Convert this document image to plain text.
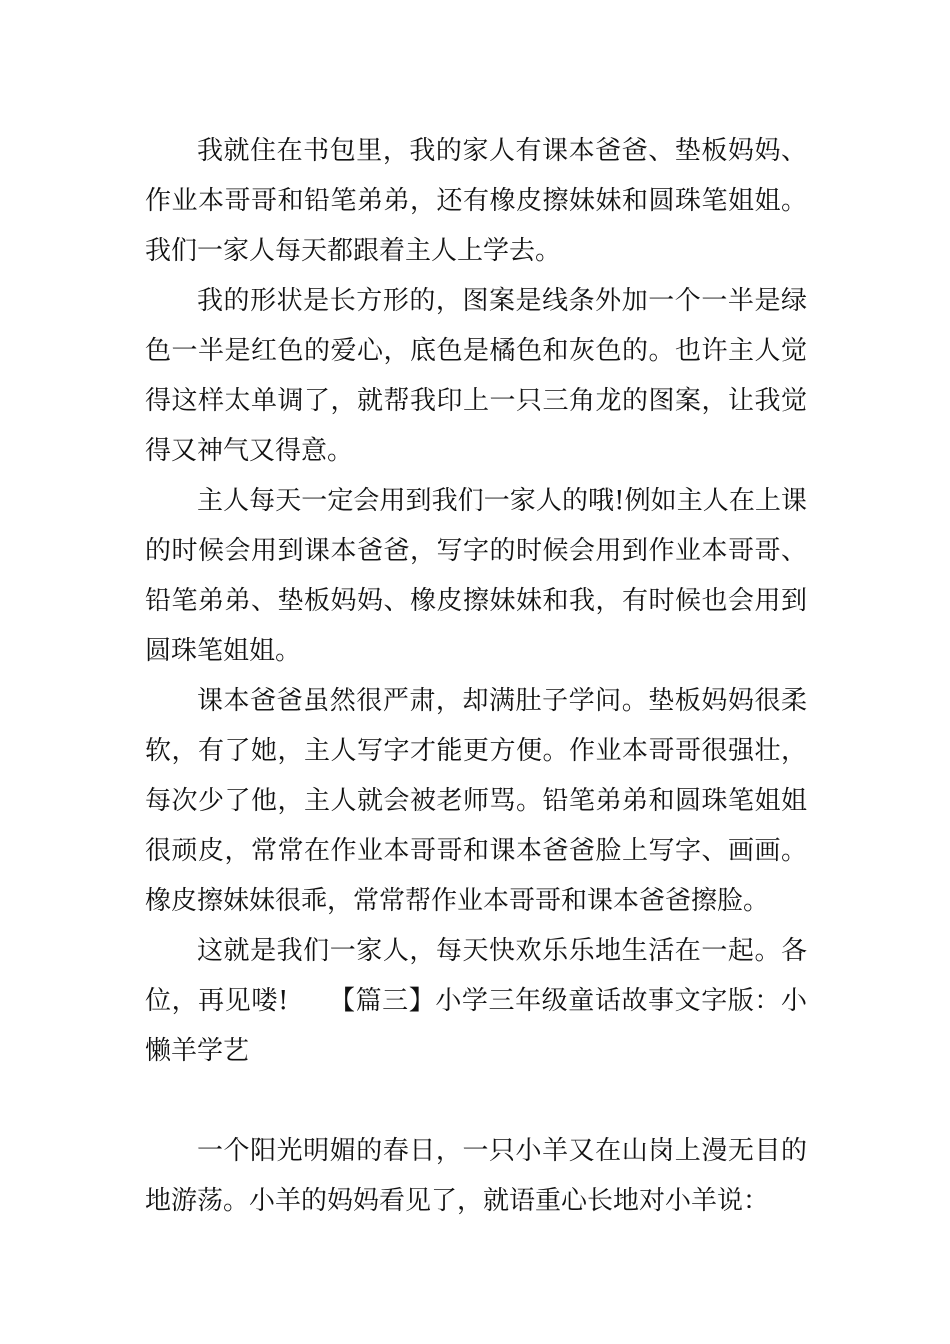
我就住在书包里，我的家人有课本爸爸、垫板妈妈、作业本哥哥和铅笔弟弟，还有橡皮擦妹妹和圆珠笔姐姐。我们一家人每天都跟着主人上学去。

我的形状是长方形的，图案是线条外加一个一半是绿色一半是红色的爱心，底色是橘色和灰色的。也许主人觉得这样太单调了，就帮我印上一只三角龙的图案，让我觉得又神气又得意。

主人每天一定会用到我们一家人的哦!例如主人在上课的时候会用到课本爸爸，写字的时候会用到作业本哥哥、铅笔弟弟、垫板妈妈、橡皮擦妹妹和我，有时候也会用到圆珠笔姐姐。

课本爸爸虽然很严肃，却满肚子学问。垫板妈妈很柔软，有了她，主人写字才能更方便。作业本哥哥很强壮，每次少了他，主人就会被老师骂。铅笔弟弟和圆珠笔姐姐很顽皮，常常在作业本哥哥和课本爸爸脸上写字、画画。橡皮擦妹妹很乖，常常帮作业本哥哥和课本爸爸擦脸。

这就是我们一家人，每天快欢乐乐地生活在一起。各位，再见喽! 【篇三】小学三年级童话故事文字版：小懒羊学艺

一个阳光明媚的春日，一只小羊又在山岗上漫无目的地游荡。小羊的妈妈看见了，就语重心长地对小羊说：
